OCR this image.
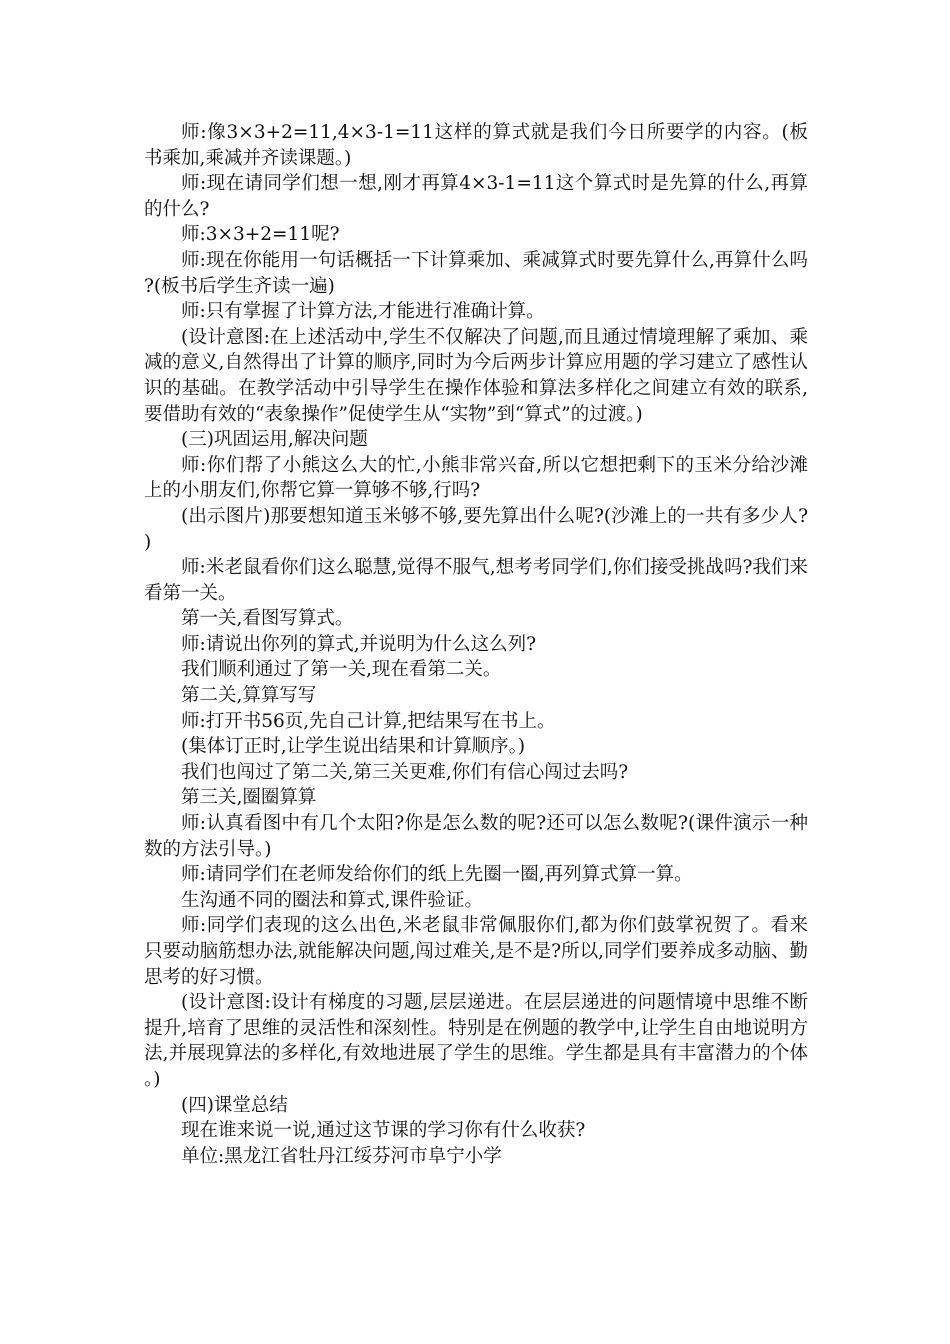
师:像3×3+2=11,4×3-1=11这样的算式就是我们今日所要学的内容。(板书乘加,乘减并齐读课题。)

师:现在请同学们想一想,刚才再算4×3-1=11这个算式时是先算的什么,再算的什么?

师:3×3+2=11呢?

师:现在你能用一句话概括一下计算乘加、乘减算式时要先算什么,再算什么吗?(板书后学生齐读一遍)

师:只有掌握了计算方法,才能进行准确计算。

(设计意图:在上述活动中,学生不仅解决了问题,而且通过情境理解了乘加、乘减的意义,自然得出了计算的顺序,同时为今后两步计算应用题的学习建立了感性认识的基础。在教学活动中引导学生在操作体验和算法多样化之间建立有效的联系,要借助有效的“表象操作”促使学生从“实物”到“算式”的过渡。)

(三)巩固运用,解决问题

师:你们帮了小熊这么大的忙,小熊非常兴奋,所以它想把剩下的玉米分给沙滩上的小朋友们,你帮它算一算够不够,行吗?

(出示图片)那要想知道玉米够不够,要先算出什么呢?(沙滩上的一共有多少人?)

师:米老鼠看你们这么聪慧,觉得不服气,想考考同学们,你们接受挑战吗?我们来看第一关。

第一关,看图写算式。

师:请说出你列的算式,并说明为什么这么列?

我们顺利通过了第一关,现在看第二关。

第二关,算算写写

师:打开书56页,先自己计算,把结果写在书上。

(集体订正时,让学生说出结果和计算顺序。)

我们也闯过了第二关,第三关更难,你们有信心闯过去吗?

第三关,圈圈算算

师:认真看图中有几个太阳?你是怎么数的呢?还可以怎么数呢?(课件演示一种数的方法引导。)

师:请同学们在老师发给你们的纸上先圈一圈,再列算式算一算。

生沟通不同的圈法和算式,课件验证。

师:同学们表现的这么出色,米老鼠非常佩服你们,都为你们鼓掌祝贺了。看来只要动脑筋想办法,就能解决问题,闯过难关,是不是?所以,同学们要养成多动脑、勤思考的好习惯。

(设计意图:设计有梯度的习题,层层递进。在层层递进的问题情境中思维不断提升,培育了思维的灵活性和深刻性。特别是在例题的教学中,让学生自由地说明方法,并展现算法的多样化,有效地进展了学生的思维。学生都是具有丰富潜力的个体。)

(四)课堂总结

现在谁来说一说,通过这节课的学习你有什么收获?

单位:黑龙江省牡丹江绥芬河市阜宁小学
